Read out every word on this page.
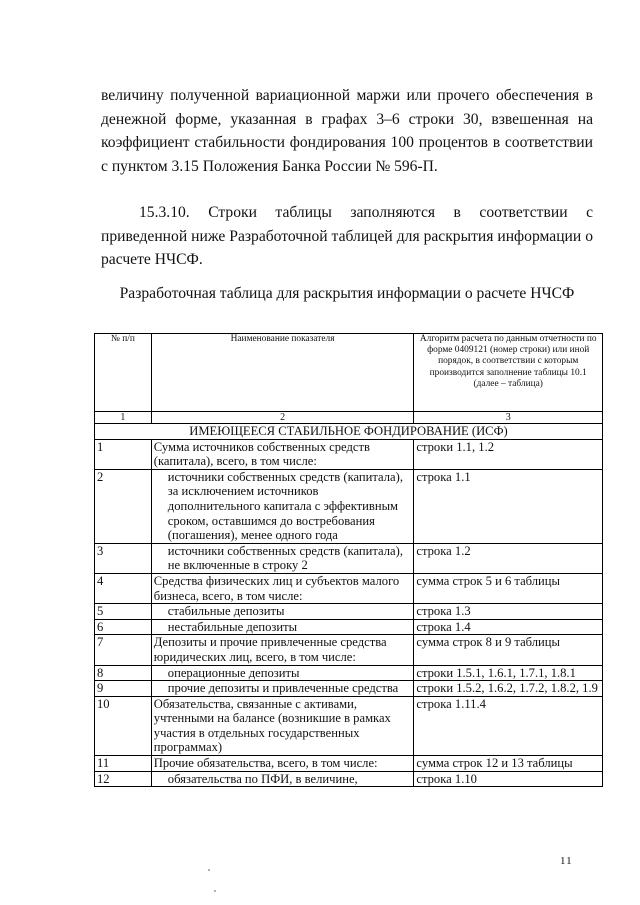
величину полученной вариационной маржи или прочего обеспечения в денежной форме, указанная в графах 3–6 строки 30, взвешенная на коэффициент стабильности фондирования 100 процентов в соответствии с пунктом 3.15 Положения Банка России № 596-П.
15.3.10. Строки таблицы заполняются в соответствии с приведенной ниже Разработочной таблицей для раскрытия информации о расчете НЧСФ.
Разработочная таблица для раскрытия информации о расчете НЧСФ
№ п/п	Наименование показателя	Алгоритм расчета по данным отчетности по форме 0409121 (номер строки) или иной порядок, в соответствии с которым производится заполнение таблицы 10.1 (далее – таблица)
1	2	3
ИМЕЮЩЕЕСЯ СТАБИЛЬНОЕ ФОНДИРОВАНИЕ (ИСФ)		
1	Сумма источников собственных средств (капитала), всего, в том числе:	строки 1.1, 1.2
2	источники собственных средств (капитала), за исключением источников дополнительного капитала с эффективным сроком, оставшимся до востребования (погашения), менее одного года	строка 1.1
3	источники собственных средств (капитала), не включенные в строку 2	строка 1.2
4	Средства физических лиц и субъектов малого бизнеса, всего, в том числе:	сумма строк 5 и 6 таблицы
5	стабильные депозиты	строка 1.3
6	нестабильные депозиты	строка 1.4
7	Депозиты и прочие привлеченные средства юридических лиц, всего, в том числе:	сумма строк 8 и 9 таблицы
8	операционные депозиты	строки 1.5.1, 1.6.1, 1.7.1, 1.8.1
9	прочие депозиты и привлеченные средства	строки 1.5.2, 1.6.2, 1.7.2, 1.8.2, 1.9
10	Обязательства, связанные с активами, учтенными на балансе (возникшие в рамках участия в отдельных государственных программах)	строка 1.11.4
11	Прочие обязательства, всего, в том числе:	сумма строк 12 и 13 таблицы
12	обязательства по ПФИ, в величине,	строка 1.10
11
